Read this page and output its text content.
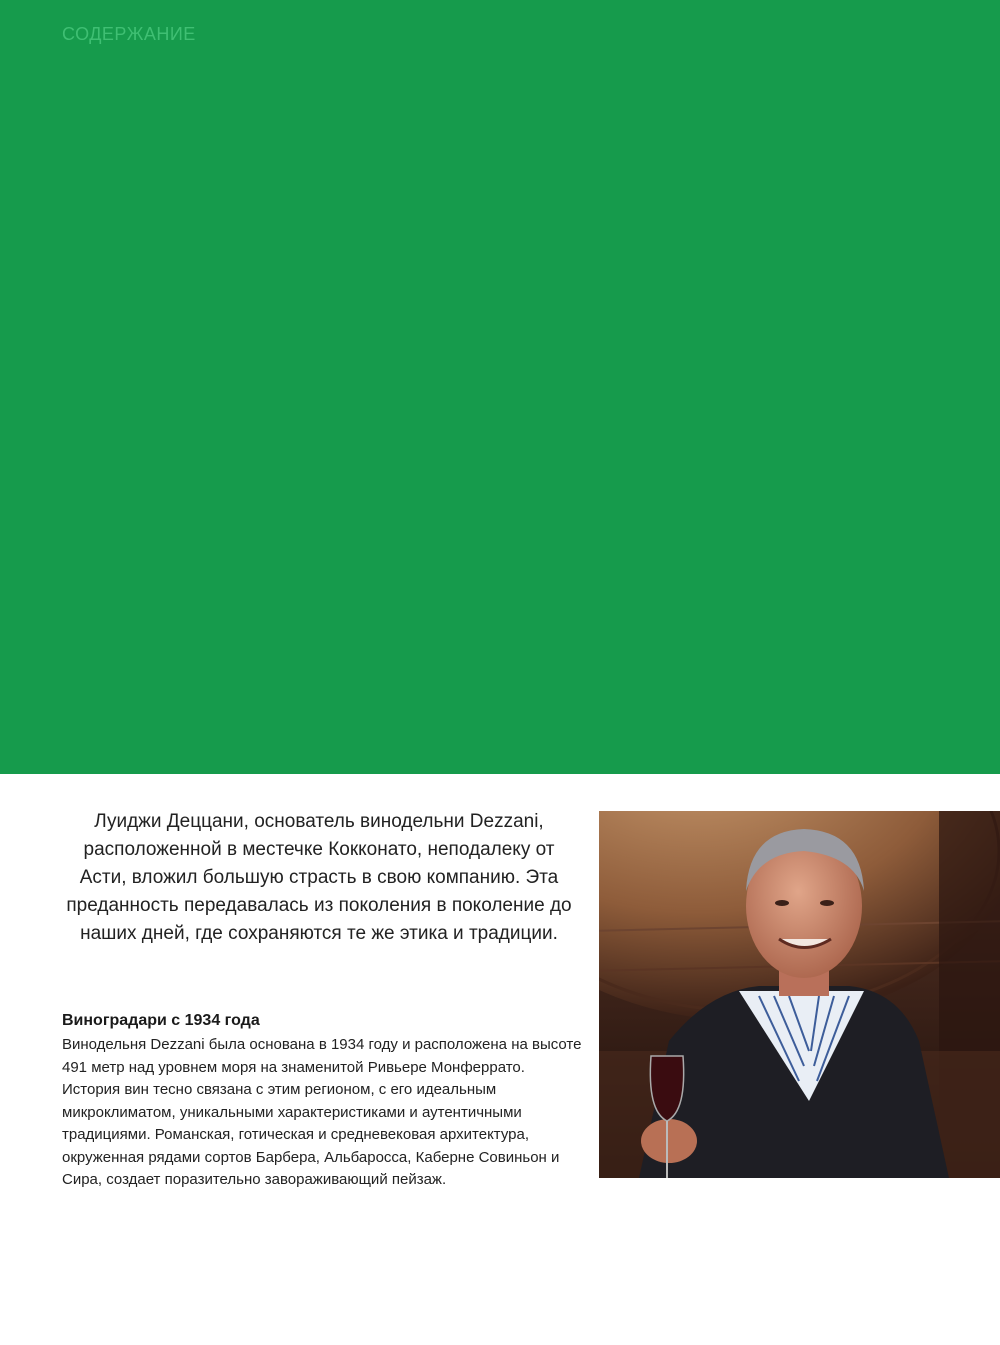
СОДЕРЖАНИЕ

Луиджи Деццани, основатель винодельни Dezzani, расположенной в местечке Кокконато, неподалеку от Асти, вложил большую страсть в свою компанию. Эта преданность передавалась из поколения в поколение до наших дней, где сохраняются те же этика и традиции.

Виноградари с 1934 года

Винодельня Dezzani была основана в 1934 году и расположена на высоте 491 метр над уровнем моря на знаменитой Ривьере Монферрато. История вин тесно связана с этим регионом, с его идеальным микроклиматом, уникальными характеристиками и аутентичными традициями. Романская, готическая и средневековая архитектура, окруженная рядами сортов Барбера, Альбаросса, Каберне Совиньон и Сира, создает поразительно завораживающий пейзаж.
